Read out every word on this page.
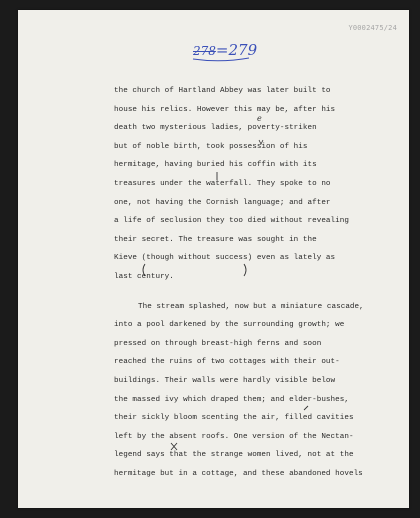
Y0002475/24
278=279

the church of Hartland Abbey was later built to
house his relics. However this may be, after his
death two mysterious ladies, poverty-striken
but of noble birth, took possession of his
hermitage, having buried his coffin with its
treasures under the waterfall. They spoke to no
one, not having the Cornish language; and after
a life of seclusion they too died without revealing
their secret. The treasure was sought in the
Kieve (though without success) even as lately as
last century.

The stream splashed, now but a miniature cascade,
into a pool darkened by the surrounding growth; we
pressed on through breast-high ferns and soon
reached the ruins of two cottages with their out-
buildings. Their walls were hardly visible below
the massed ivy which draped them; and elder-bushes,
their sickly bloom scenting the air, filled cavities
left by the absent roofs. One version of the Nectan-
legend says that the strange women lived, not at the
hermitage but in a cottage, and these abandoned hovels

e
